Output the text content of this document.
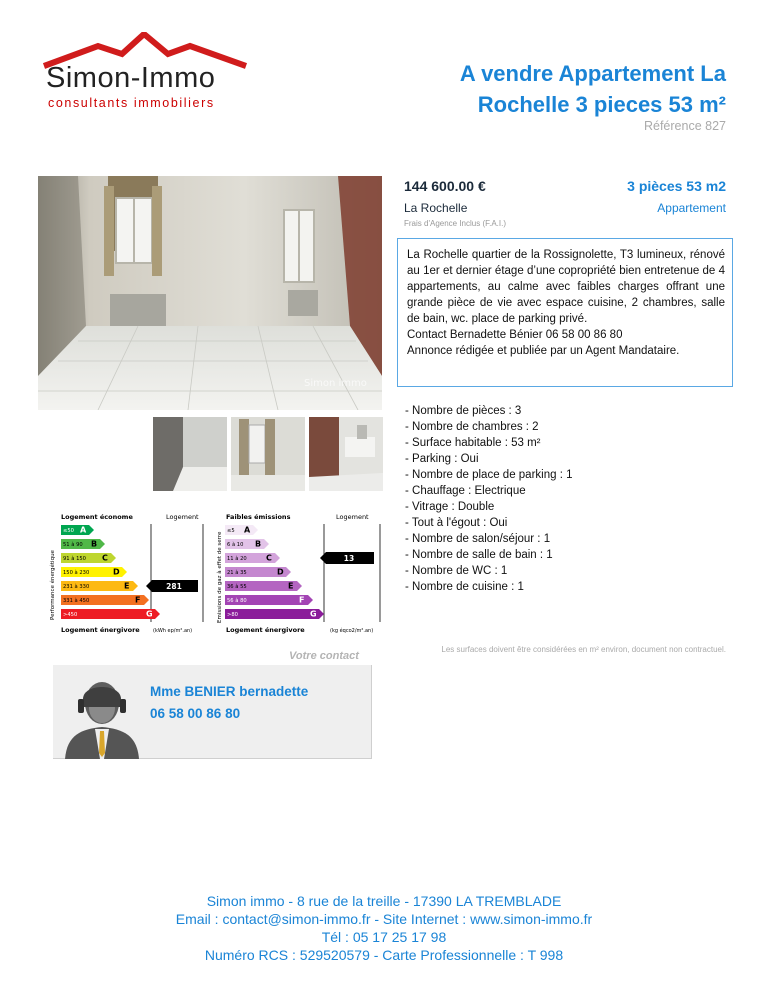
Simon-Immo
consultants immobiliers
A vendre Appartement La Rochelle 3 pieces 53 m²
Référence 827
Simon immo
Logement économe	Logement
≤50 A
51 à 90 B
91 à 150 C
150 à 230	D
231 à 330	E
331 à 450	F
>450	G
Performance énergétique
Logement énergivore	(kWh ep/m².an)
281
Faibles émissions	Logement
≤5 A
6 à 10 B
11 à 20 C
21 à 35	D
36 à 55	E
56 à 80	F
>80	G
Emissions de gaz à effet de serre
Logement énergivore	(kg éqco2/m².an)
13
144 600.00 €	3 pièces 53 m2
La Rochelle	Appartement
Frais d'Agence Inclus (F.A.I.)

La Rochelle quartier de la Rossignolette, T3 lumineux, rénové au 1er et dernier étage d’une copropriété bien entretenue de 4 appartements, au calme avec faibles charges offrant une grande pièce de vie avec espace cuisine, 2 chambres, salle de bain, wc. place de parking privé.

Contact Bernadette Bénier 06 58 00 86 80

Annonce rédigée et publiée par un Agent Mandataire.

- Nombre de pièces : 3
- Nombre de chambres : 2
- Surface habitable : 53 m²
- Parking : Oui
- Nombre de place de parking : 1
- Chauffage : Electrique
- Vitrage : Double
- Tout à l'égout : Oui
- Nombre de salon/séjour : 1
- Nombre de salle de bain : 1
- Nombre de WC : 1
- Nombre de cuisine : 1
Les surfaces doivent être considérées en m² environ, document non contractuel.
Votre contact
Mme BENIER bernadette
06 58 00 86 80
Simon immo - 8 rue de la treille - 17390 LA TREMBLADE
Email : contact@simon-immo.fr - Site Internet : www.simon-immo.fr
Tél : 05 17 25 17 98
Numéro RCS : 529520579 - Carte Professionnelle : T 998
